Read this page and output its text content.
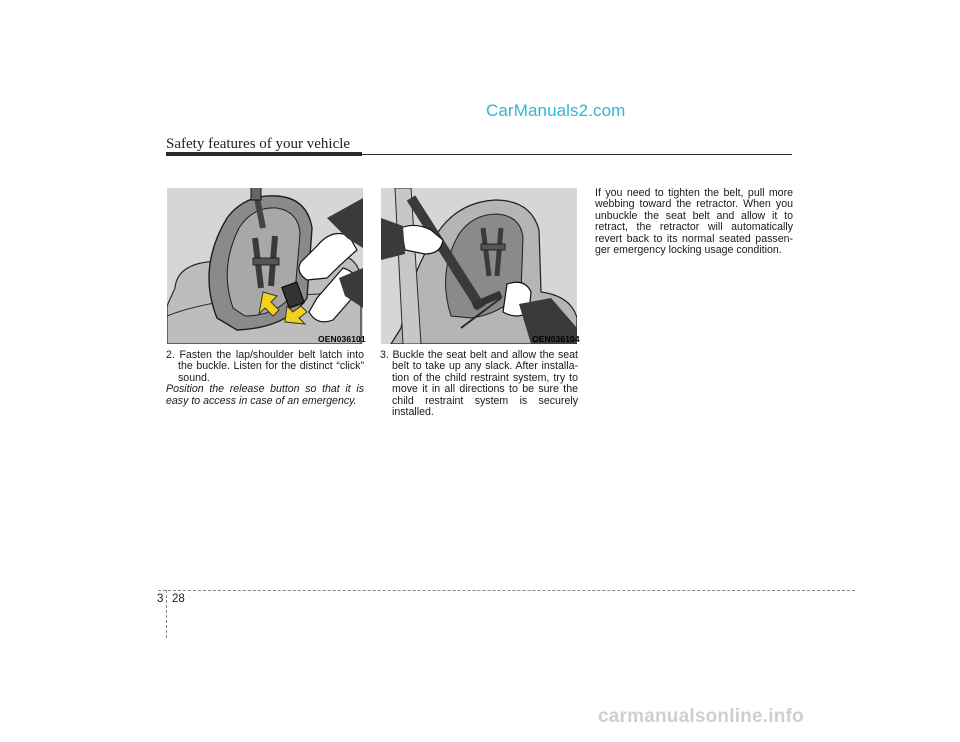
CarManuals2.com
Safety features of your vehicle
OEN036101	OEN036104

2. Fasten the lap/shoulder belt latch into the buckle. Listen for the distinct “click” sound.

Position the release button so that it is easy to access in case of an emergency.

3. Buckle the seat belt and allow the seat belt to take up any slack. After installa-tion of the child restraint system, try to move it in all directions to be sure the child restraint system is securely installed.

If you need to tighten the belt, pull more webbing toward the retractor. When you unbuckle the seat belt and allow it to retract, the retractor will automatically revert back to its normal seated passen-ger emergency locking usage condition.

3 28
carmanualsonline.info
